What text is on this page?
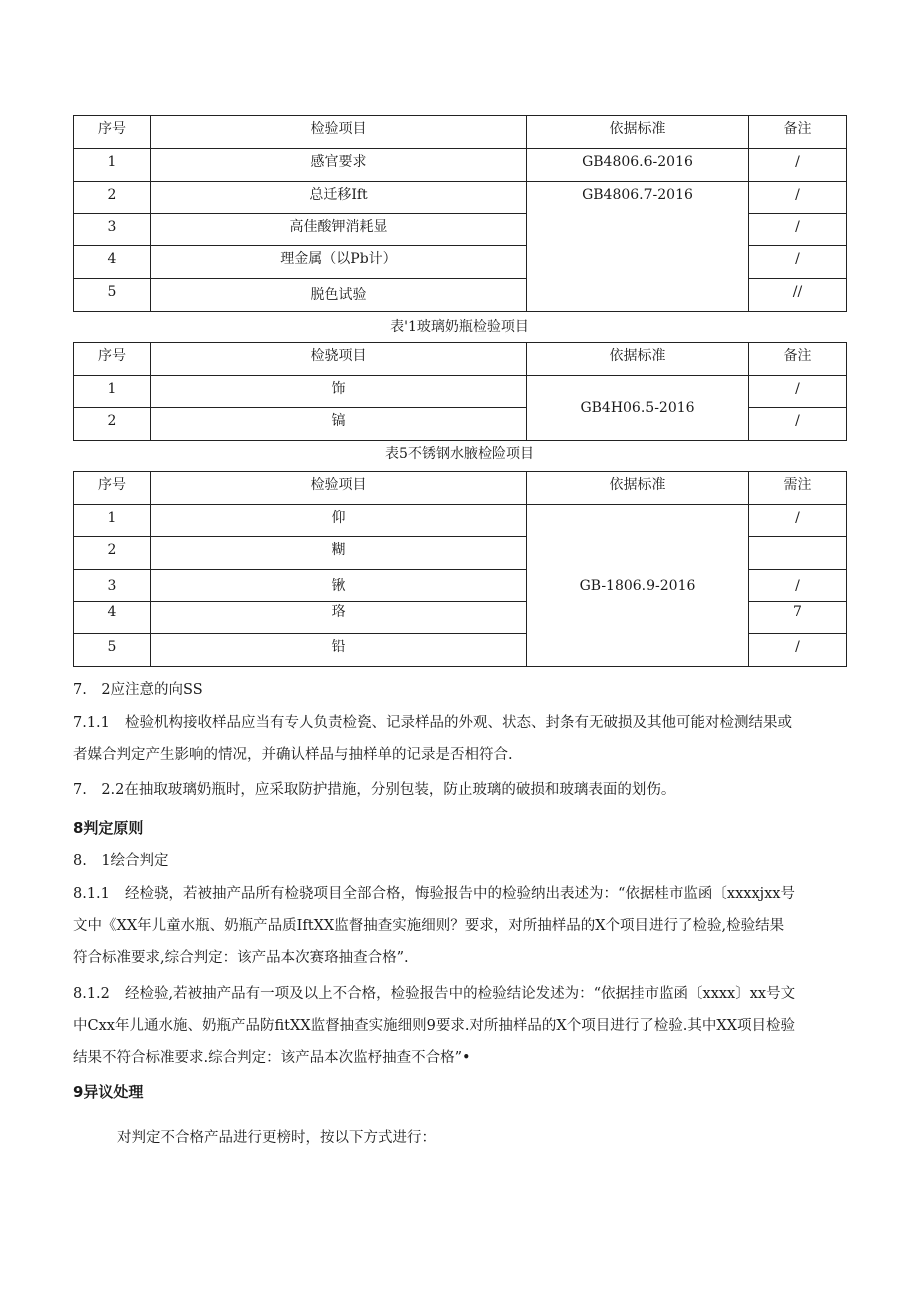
序号	检验项目	依据标准	备注
1	感官要求	GB4806.6-2016	/
2	总迁移Ift	GB4806.7-2016	/
3	高佳酸钾消耗显		/
4	理金属（以Pb计）		/
5	脱色试验		//
表'1玻璃奶瓶检验项目
序号	检骁项目	依据标准	备注
1	饰	GB4H06.5-2016	/
2	镐		/
表5不锈钢水腋检险项目
序号	检验项目	依据标准	需注
1	仰	GB-1806.9-2016	/
2	糊		
3	锹		/
4	珞		7
5	铅		/
7.　2应注意的向SS
7.1.1 检验机构接收样品应当有专人负责检瓷、记录样品的外观、状态、封条有无破损及其他可能对检测结果或
者媒合判定产生影响的情况，并确认样品与抽样单的记录是否相符合.
7.　2.2在抽取玻璃奶瓶时，应采取防护措施，分别包装，防止玻璃的破损和玻璃表面的划伤。
8判定原则
8.　1绘合判定
8.1.1 经检骁，若被抽产品所有检骁项目全部合格，悔验报告中的检验纳出表述为：“依据桂市监函〔xxxxjxx号
文中《XX年儿童水瓶、奶瓶产品质IftXX监督抽查实施细则？要求，对所抽样品的X个项目进行了检验,检验结果
符合标准要求,综合判定：该产品本次赛珞抽查合格”.
8.1.2 经检验,若被抽产品有一项及以上不合格，检验报告中的检验结论发述为：“依据挂市监函〔xxxx〕xx号文
中Cxx年儿通水施、奶瓶产品防fitXX监督抽查实施细则9要求.对所抽样品的X个项目进行了检验.其中XX项目检验
结果不符合标准要求.综合判定：该产品本次监杼抽查不合格”•
9异议处理
对判定不合格产品进行更榜时，按以下方式进行：
